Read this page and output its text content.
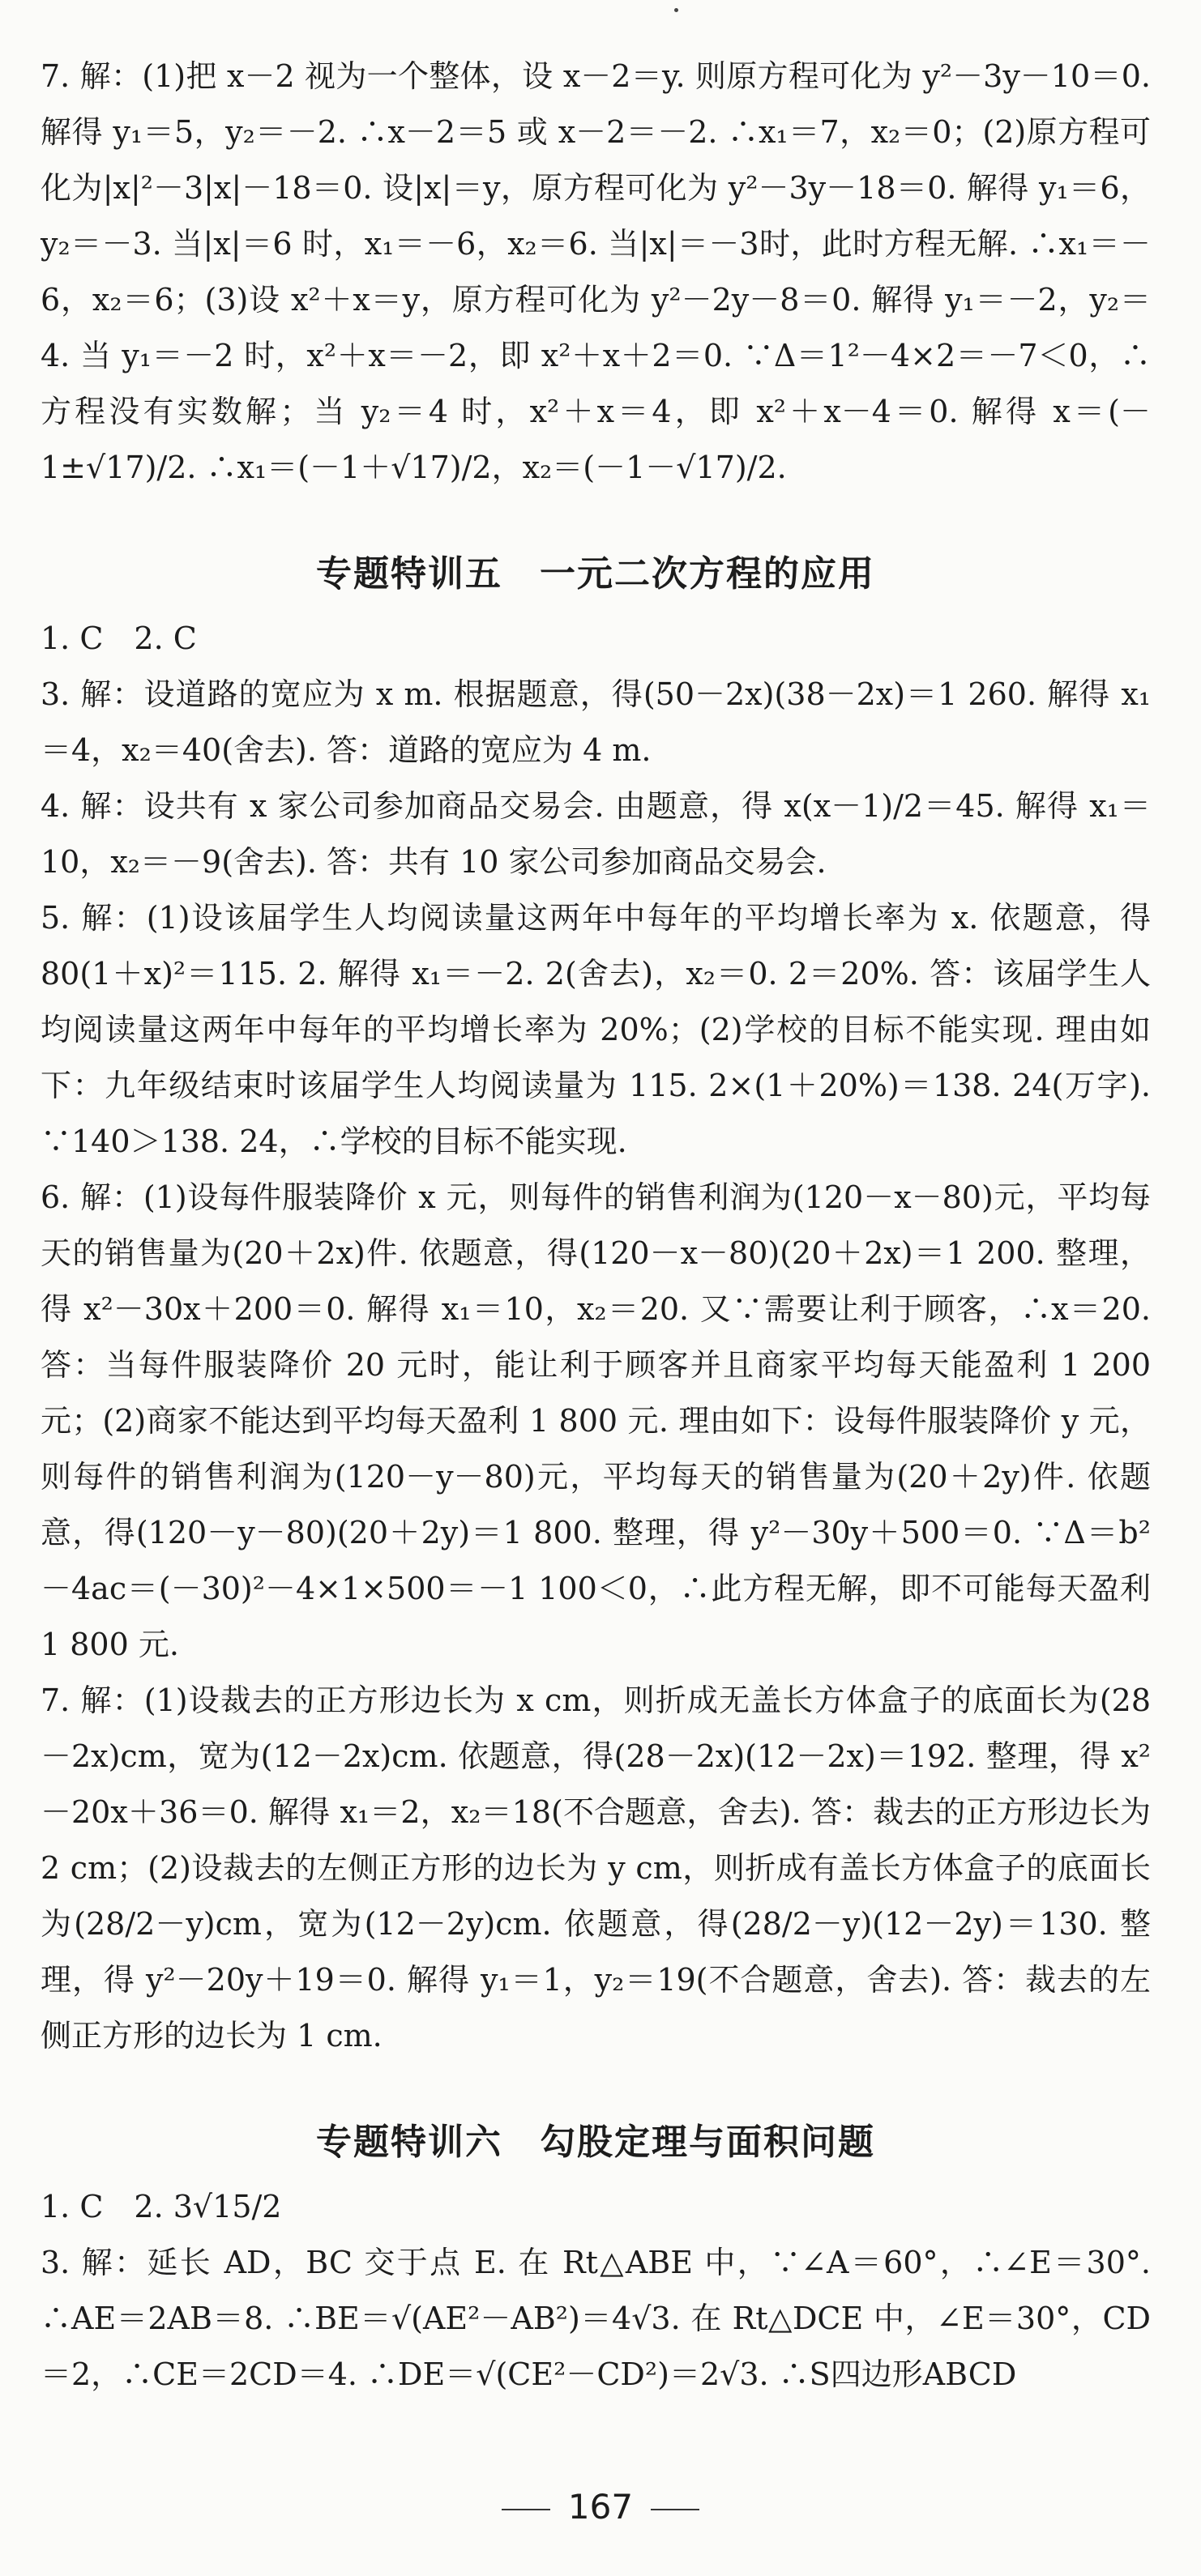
7. 解：(1)把 x－2 视为一个整体，设 x－2＝y. 则原方程可化为 y²－3y－10＝0. 解得 y₁＝5，y₂＝－2. ∴x－2＝5 或 x－2＝－2. ∴x₁＝7，x₂＝0；(2)原方程可化为|x|²－3|x|－18＝0. 设|x|＝y，原方程可化为 y²－3y－18＝0. 解得 y₁＝6，y₂＝－3. 当|x|＝6 时，x₁＝－6，x₂＝6. 当|x|＝－3时，此时方程无解. ∴x₁＝－6，x₂＝6；(3)设 x²＋x＝y，原方程可化为 y²－2y－8＝0. 解得 y₁＝－2，y₂＝4. 当 y₁＝－2 时，x²＋x＝－2，即 x²＋x＋2＝0. ∵Δ＝1²－4×2＝－7＜0，∴方程没有实数解；当 y₂＝4 时，x²＋x＝4，即 x²＋x－4＝0. 解得 x＝(－1±√17)/2. ∴x₁＝(－1＋√17)/2，x₂＝(－1－√17)/2.

专题特训五　一元二次方程的应用

1. C　2. C

3. 解：设道路的宽应为 x m. 根据题意，得(50－2x)(38－2x)＝1 260. 解得 x₁＝4，x₂＝40(舍去). 答：道路的宽应为 4 m.

4. 解：设共有 x 家公司参加商品交易会. 由题意，得 x(x－1)/2＝45. 解得 x₁＝10，x₂＝－9(舍去). 答：共有 10 家公司参加商品交易会.

5. 解：(1)设该届学生人均阅读量这两年中每年的平均增长率为 x. 依题意，得 80(1＋x)²＝115. 2. 解得 x₁＝－2. 2(舍去)，x₂＝0. 2＝20%. 答：该届学生人均阅读量这两年中每年的平均增长率为 20%；(2)学校的目标不能实现. 理由如下：九年级结束时该届学生人均阅读量为 115. 2×(1＋20%)＝138. 24(万字). ∵140＞138. 24，∴学校的目标不能实现.

6. 解：(1)设每件服装降价 x 元，则每件的销售利润为(120－x－80)元，平均每天的销售量为(20＋2x)件. 依题意，得(120－x－80)(20＋2x)＝1 200. 整理，得 x²－30x＋200＝0. 解得 x₁＝10，x₂＝20. 又∵需要让利于顾客，∴x＝20. 答：当每件服装降价 20 元时，能让利于顾客并且商家平均每天能盈利 1 200 元；(2)商家不能达到平均每天盈利 1 800 元. 理由如下：设每件服装降价 y 元，则每件的销售利润为(120－y－80)元，平均每天的销售量为(20＋2y)件. 依题意，得(120－y－80)(20＋2y)＝1 800. 整理，得 y²－30y＋500＝0. ∵Δ＝b²－4ac＝(－30)²－4×1×500＝－1 100＜0，∴此方程无解，即不可能每天盈利 1 800 元.

7. 解：(1)设裁去的正方形边长为 x cm，则折成无盖长方体盒子的底面长为(28－2x)cm，宽为(12－2x)cm. 依题意，得(28－2x)(12－2x)＝192. 整理，得 x²－20x＋36＝0. 解得 x₁＝2，x₂＝18(不合题意，舍去). 答：裁去的正方形边长为 2 cm；(2)设裁去的左侧正方形的边长为 y cm，则折成有盖长方体盒子的底面长为(28/2－y)cm，宽为(12－2y)cm. 依题意，得(28/2－y)(12－2y)＝130. 整理，得 y²－20y＋19＝0. 解得 y₁＝1，y₂＝19(不合题意，舍去). 答：裁去的左侧正方形的边长为 1 cm.

专题特训六　勾股定理与面积问题

1. C　2. 3√15/2

3. 解：延长 AD，BC 交于点 E. 在 Rt△ABE 中，∵∠A＝60°，∴∠E＝30°. ∴AE＝2AB＝8. ∴BE＝√(AE²－AB²)＝4√3. 在 Rt△DCE 中，∠E＝30°，CD＝2，∴CE＝2CD＝4. ∴DE＝√(CE²－CD²)＝2√3. ∴S四边形ABCD

167
